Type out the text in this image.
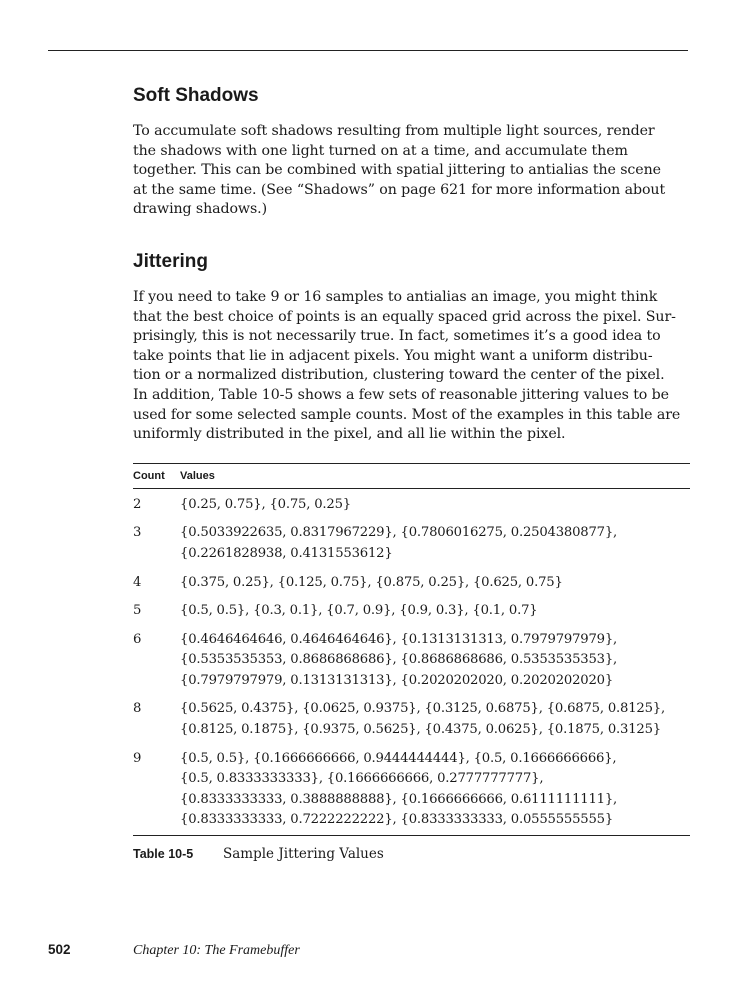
Soft Shadows

To accumulate soft shadows resulting from multiple light sources, render
the shadows with one light turned on at a time, and accumulate them
together. This can be combined with spatial jittering to antialias the scene
at the same time. (See “Shadows” on page 621 for more information about
drawing shadows.)

Jittering

If you need to take 9 or 16 samples to antialias an image, you might think
that the best choice of points is an equally spaced grid across the pixel. Sur-
prisingly, this is not necessarily true. In fact, sometimes it’s a good idea to
take points that lie in adjacent pixels. You might want a uniform distribu-
tion or a normalized distribution, clustering toward the center of the pixel.
In addition, Table 10-5 shows a few sets of reasonable jittering values to be
used for some selected sample counts. Most of the examples in this table are
uniformly distributed in the pixel, and all lie within the pixel.

Count	Values
2	{0.25, 0.75}, {0.75, 0.25}
3	{0.5033922635, 0.8317967229}, {0.7806016275, 0.2504380877},
{0.2261828938, 0.4131553612}
4	{0.375, 0.25}, {0.125, 0.75}, {0.875, 0.25}, {0.625, 0.75}
5	{0.5, 0.5}, {0.3, 0.1}, {0.7, 0.9}, {0.9, 0.3}, {0.1, 0.7}
6	{0.4646464646, 0.4646464646}, {0.1313131313, 0.7979797979},
{0.5353535353, 0.8686868686}, {0.8686868686, 0.5353535353},
{0.7979797979, 0.1313131313}, {0.2020202020, 0.2020202020}
8	{0.5625, 0.4375}, {0.0625, 0.9375}, {0.3125, 0.6875}, {0.6875, 0.8125},
{0.8125, 0.1875}, {0.9375, 0.5625}, {0.4375, 0.0625}, {0.1875, 0.3125}
9	{0.5, 0.5}, {0.1666666666, 0.9444444444}, {0.5, 0.1666666666},
{0.5, 0.8333333333}, {0.1666666666, 0.2777777777},
{0.8333333333, 0.3888888888}, {0.1666666666, 0.6111111111},
{0.8333333333, 0.7222222222}, {0.8333333333, 0.0555555555}
Table 10-5	Sample Jittering Values
502	Chapter 10: The Framebuffer
